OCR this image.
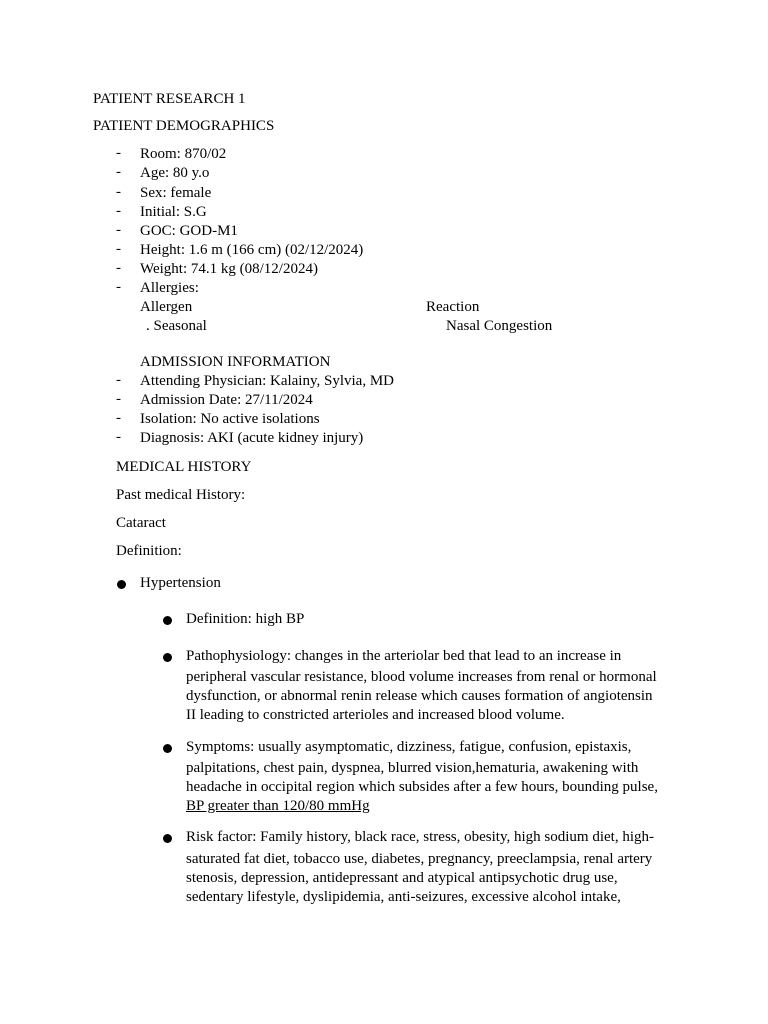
PATIENT RESEARCH 1
PATIENT DEMOGRAPHICS
-	Room: 870/02
-	Age: 80 y.o
-	Sex: female
-	Initial: S.G
-	GOC: GOD-M1
-	Height: 1.6 m (166 cm) (02/12/2024)
-	Weight: 74.1 kg (08/12/2024)
-	Allergies:
Allergen	Reaction
. Seasonal	Nasal Congestion
ADMISSION INFORMATION
-	Attending Physician: Kalainy, Sylvia, MD
-	Admission Date: 27/11/2024
-	Isolation: No active isolations
-	Diagnosis: AKI (acute kidney injury)
MEDICAL HISTORY
Past medical History:
Cataract
Definition:
Hypertension
Definition: high BP
Pathophysiology: changes in the arteriolar bed that lead to an increase in
peripheral vascular resistance, blood volume increases from renal or hormonal
dysfunction, or abnormal renin release which causes formation of angiotensin
II leading to constricted arterioles and increased blood volume.
Symptoms: usually asymptomatic, dizziness, fatigue, confusion, epistaxis,
palpitations, chest pain, dyspnea, blurred vision,hematuria, awakening with
headache in occipital region which subsides after a few hours, bounding pulse,
BP greater than 120/80 mmHg
Risk factor: Family history, black race, stress, obesity, high sodium diet, high-
saturated fat diet, tobacco use, diabetes, pregnancy, preeclampsia, renal artery
stenosis, depression, antidepressant and atypical antipsychotic drug use,
sedentary lifestyle, dyslipidemia, anti-seizures, excessive alcohol intake,
